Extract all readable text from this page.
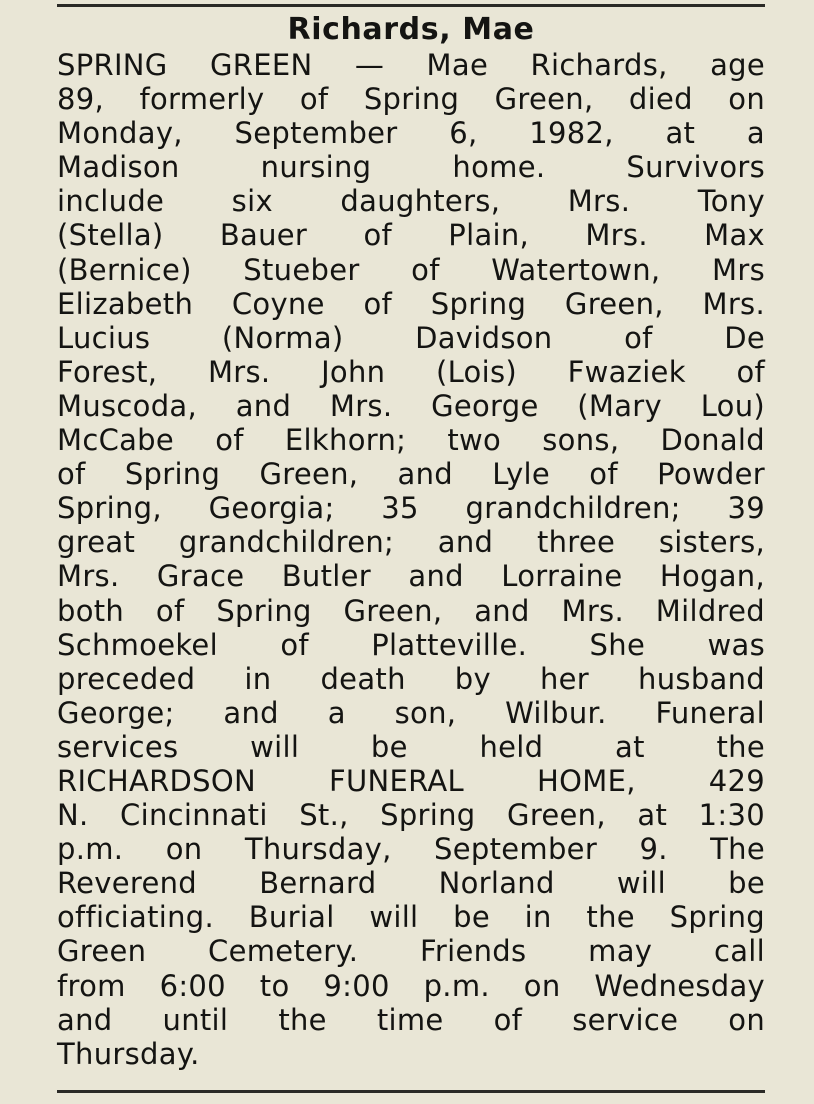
Richards, Mae
SPRING GREEN — Mae Richards, age
89, formerly of Spring Green, died on
Monday, September 6, 1982, at a
Madison nursing home. Survivors
include six daughters, Mrs. Tony
(Stella) Bauer of Plain, Mrs. Max
(Bernice) Stueber of Watertown, Mrs
Elizabeth Coyne of Spring Green, Mrs.
Lucius (Norma) Davidson of De
Forest, Mrs. John (Lois) Fwaziek of
Muscoda, and Mrs. George (Mary Lou)
McCabe of Elkhorn; two sons, Donald
of Spring Green, and Lyle of Powder
Spring, Georgia; 35 grandchildren; 39
great grandchildren; and three sisters,
Mrs. Grace Butler and Lorraine Hogan,
both of Spring Green, and Mrs. Mildred
Schmoekel of Platteville. She was
preceded in death by her husband
George; and a son, Wilbur. Funeral
services will be held at the
RICHARDSON FUNERAL HOME, 429
N. Cincinnati St., Spring Green, at 1:30
p.m. on Thursday, September 9. The
Reverend Bernard Norland will be
officiating. Burial will be in the Spring
Green Cemetery. Friends may call
from 6:00 to 9:00 p.m. on Wednesday
and until the time of service on
Thursday.
